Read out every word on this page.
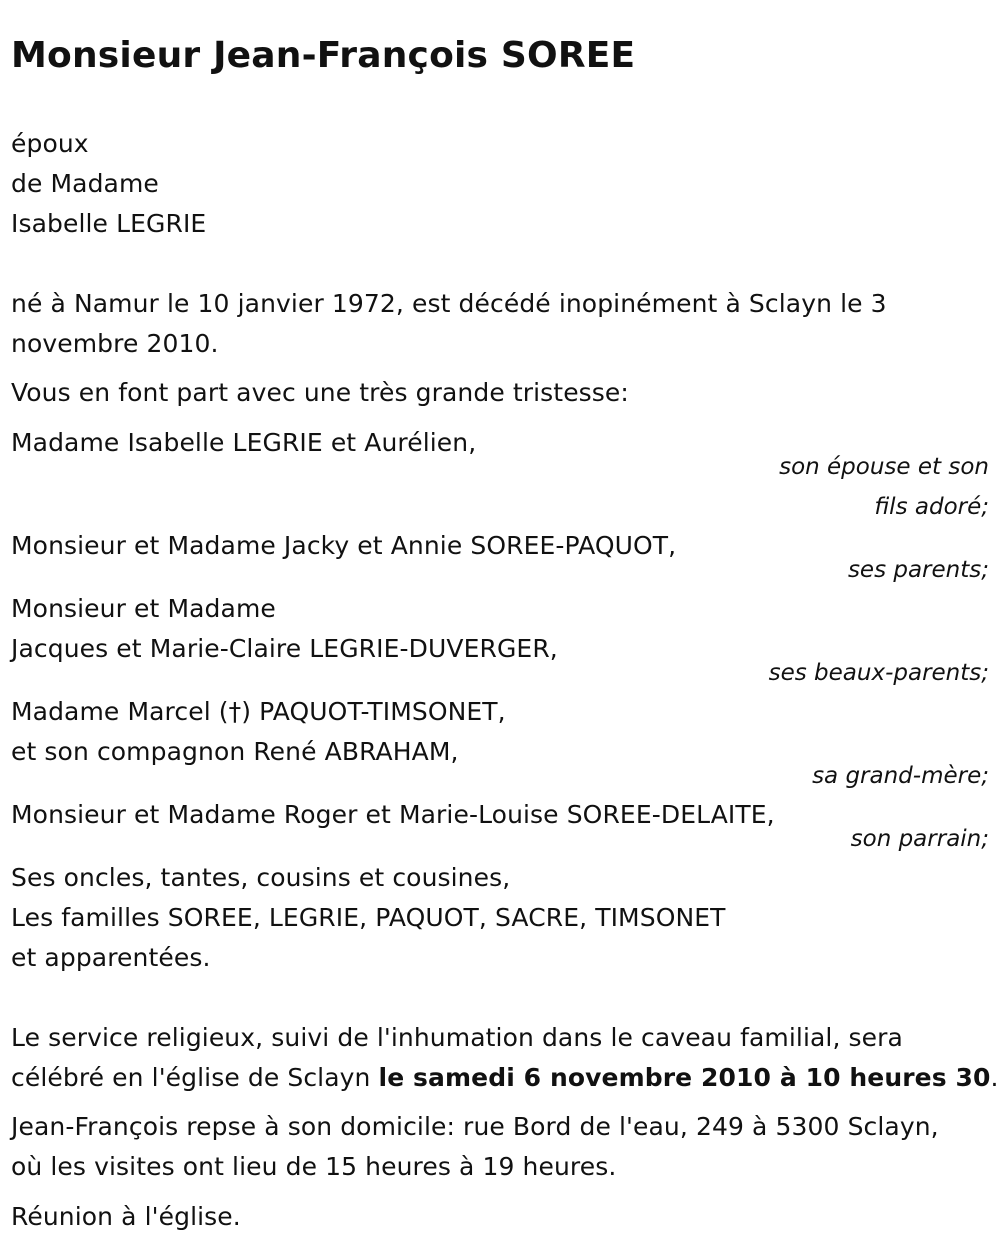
Monsieur Jean-François SOREE
époux
de Madame
Isabelle LEGRIE
né à Namur le 10 janvier 1972, est décédé inopinément à Sclayn le 3
novembre 2010.
Vous en font part avec une très grande tristesse:
Madame Isabelle LEGRIE et Aurélien,
son épouse et son
fils adoré;
Monsieur et Madame Jacky et Annie SOREE-PAQUOT,
ses parents;
Monsieur et Madame
Jacques et Marie-Claire LEGRIE-DUVERGER,
ses beaux-parents;
Madame Marcel (†) PAQUOT-TIMSONET,
et son compagnon René ABRAHAM,
sa grand-mère;
Monsieur et Madame Roger et Marie-Louise SOREE-DELAITE,
son parrain;
Ses oncles, tantes, cousins et cousines,
Les familles SOREE, LEGRIE, PAQUOT, SACRE, TIMSONET
et apparentées.
Le service religieux, suivi de l'inhumation dans le caveau familial, sera
célébré en l'église de Sclayn le samedi 6 novembre 2010 à 10 heures 30.
Jean-François repse à son domicile: rue Bord de l'eau, 249 à 5300 Sclayn,
où les visites ont lieu de 15 heures à 19 heures.
Réunion à l'église.
